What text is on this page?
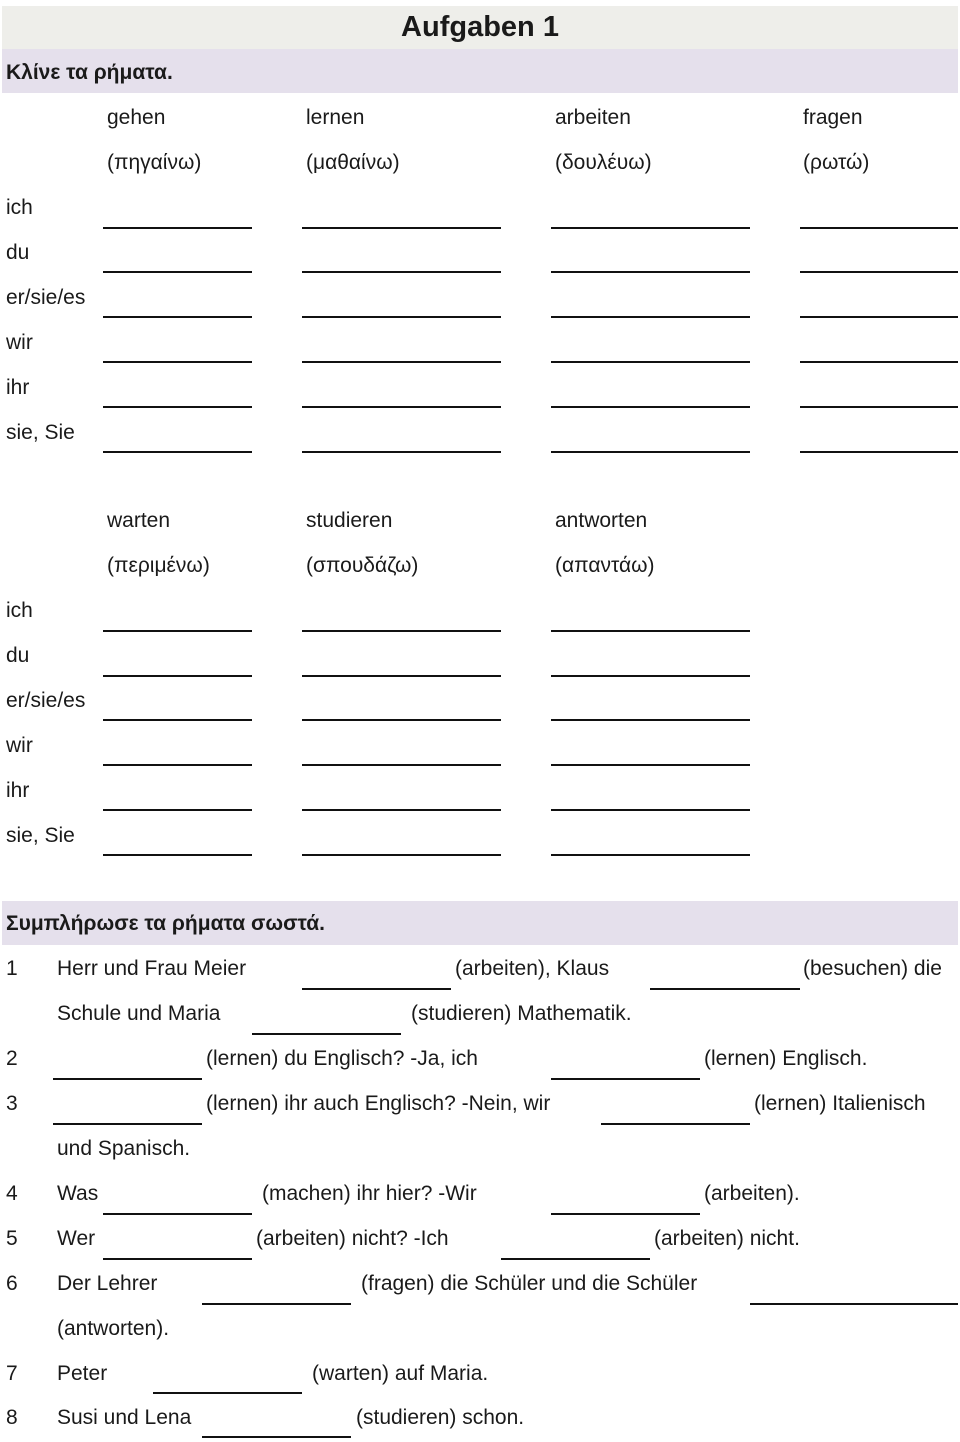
Aufgaben 1
Κλίνε τα ρήματα.
gehen	lernen	arbeiten	fragen
(πηγαίνω)	(μαθαίνω)	(δουλέυω)	(ρωτώ)
ich
du
er/sie/es
wir
ihr
sie, Sie
warten	studieren	antworten
(περιμένω)	(σπουδάζω)	(απαντάω)
ich
du
er/sie/es
wir
ihr
sie, Sie
Συμπλήρωσε τα ρήματα σωστά.
1 Herr und Frau Meier	(arbeiten), Klaus	(besuchen) die
Schule und Maria	(studieren) Mathematik.
2	(lernen) du Englisch? -Ja, ich	(lernen) Englisch.
3	(lernen) ihr auch Englisch? -Nein, wir	(lernen) Italienisch
und Spanisch.
4 Was	(machen) ihr hier? -Wir	(arbeiten).
5 Wer	(arbeiten) nicht? -Ich	(arbeiten) nicht.
6 Der Lehrer	(fragen) die Schüler und die Schüler
(antworten).
7 Peter	(warten) auf Maria.
8 Susi und Lena	(studieren) schon.
